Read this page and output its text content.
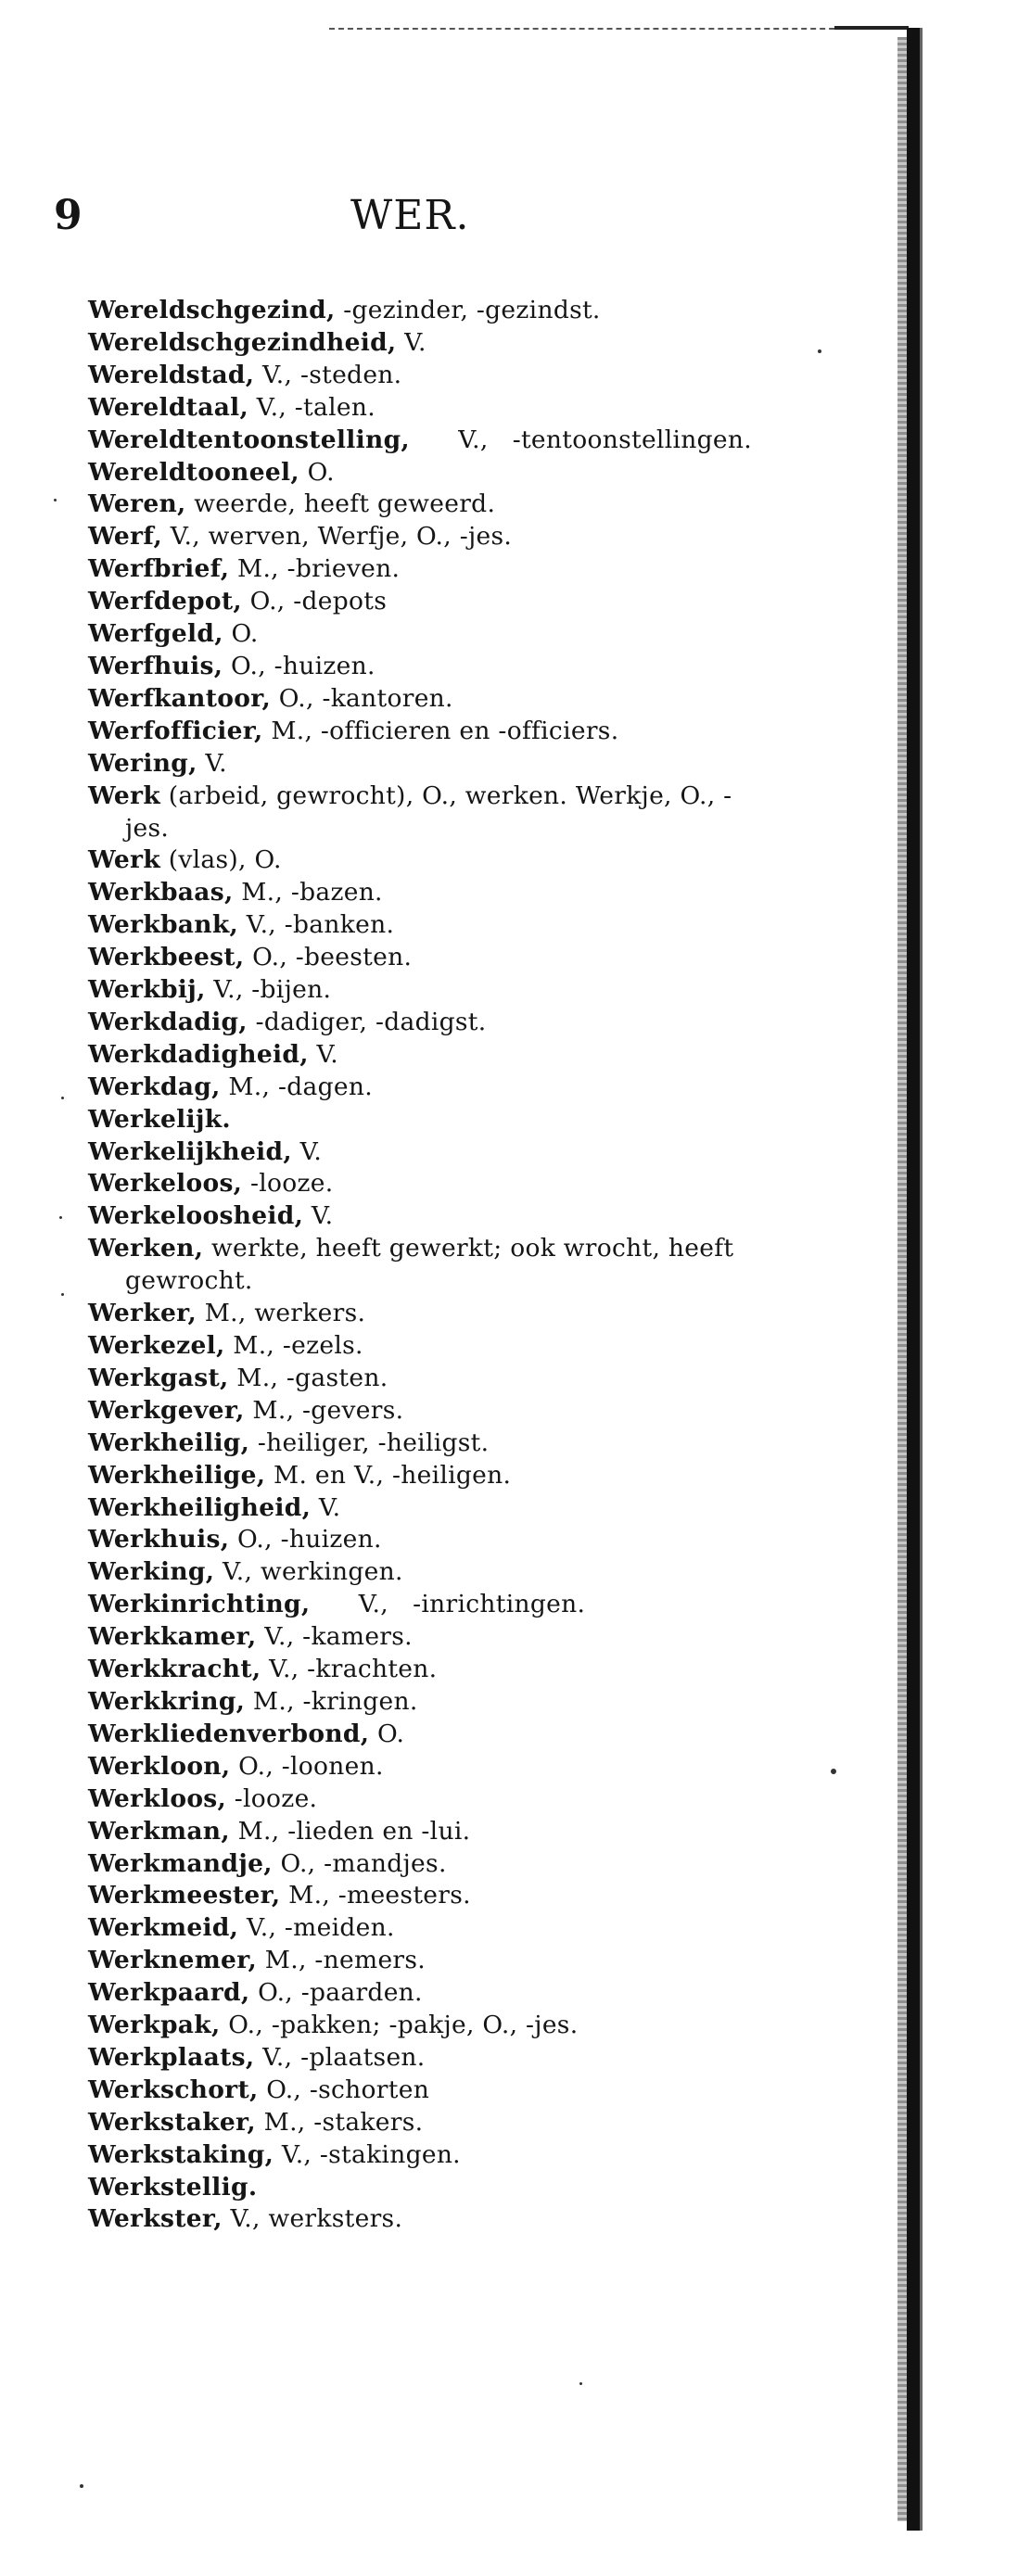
9	WER.
Wereldschgezind, -gezinder, -gezindst.
Wereldschgezindheid, V.
Wereldstad, V., -steden.
Wereldtaal, V., -talen.
Wereldtentoonstelling,      V.,   -tentoonstellingen.
Wereldtooneel, O.
Weren, weerde, heeft geweerd.
Werf, V., werven, Werfje, O., -jes.
Werfbrief, M., -brieven.
Werfdepot, O., -depots
Werfgeld, O.
Werfhuis, O., -huizen.
Werfkantoor, O., -kantoren.
Werfofficier, M., -officieren en -officiers.
Wering, V.
Werk (arbeid, gewrocht), O., werken. Werkje, O., -jes.
Werk (vlas), O.
Werkbaas, M., -bazen.
Werkbank, V., -banken.
Werkbeest, O., -beesten.
Werkbij, V., -bijen.
Werkdadig, -dadiger, -dadigst.
Werkdadigheid, V.
Werkdag, M., -dagen.
Werkelijk.
Werkelijkheid, V.
Werkeloos, -looze.
Werkeloosheid, V.
Werken, werkte, heeft gewerkt; ook wrocht, heeft gewrocht.
Werker, M., werkers.
Werkezel, M., -ezels.
Werkgast, M., -gasten.
Werkgever, M., -gevers.
Werkheilig, -heiliger, -heiligst.
Werkheilige, M. en V., -heiligen.
Werkheiligheid, V.
Werkhuis, O., -huizen.
Werking, V., werkingen.
Werkinrichting,      V.,   -inrichtingen.
Werkkamer, V., -kamers.
Werkkracht, V., -krachten.
Werkkring, M., -kringen.
Werkliedenverbond, O.
Werkloon, O., -loonen.
Werkloos, -looze.
Werkman, M., -lieden en -lui.
Werkmandje, O., -mandjes.
Werkmeester, M., -meesters.
Werkmeid, V., -meiden.
Werknemer, M., -nemers.
Werkpaard, O., -paarden.
Werkpak, O., -pakken; -pakje, O., -jes.
Werkplaats, V., -plaatsen.
Werkschort, O., -schorten
Werkstaker, M., -stakers.
Werkstaking, V., -stakingen.
Werkstellig.
Werkster, V., werksters.
